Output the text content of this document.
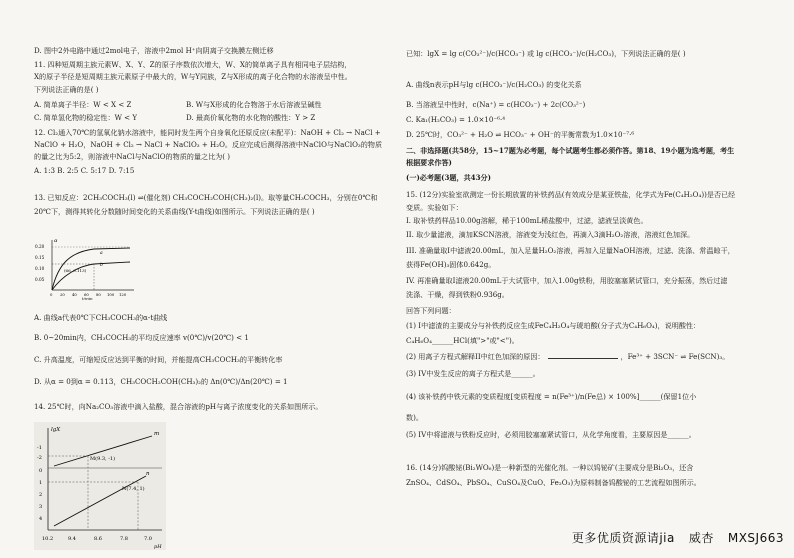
D. 图中2外电路中通过2mol电子，溶液中2mol H⁺向阴离子交换膜左侧迁移
11. 四种短周期主族元素W、X、Y、Z的原子序数依次增大，W、X的简单离子具有相同电子层结构，
X的原子半径是短周期主族元素原子中最大的，W与Y同族，Z与X形成的离子化合物的水溶液呈中性。
下列说法正确的是( )
A. 简单离子半径：W < X < Z	B. W与X形成的化合物溶于水后溶液呈碱性
C. 简单氢化物的稳定性：W < Y	D. 最高价氧化物的水化物的酸性：Y > Z
12. Cl₂通入70℃的氢氧化钠水溶液中，能同时发生两个自身氧化还原反应(未配平)：NaOH + Cl₂ → NaCl +
NaClO + H₂O，NaOH + Cl₂ → NaCl + NaClO₃ + H₂O。反应完成后测得溶液中NaClO与NaClO₃的物质
的量之比为5:2，则溶液中NaCl与NaClO的物质的量之比为( )
A. 1:3 B. 2:5 C. 5:17 D. 7:15
13. 已知反应：2CH₃COCH₃(l) ⇌(催化剂) CH₃COCH₂COH(CH₃)₂(l)。取等量CH₃COCH₃，分别在0℃和
20℃下，测得其转化分数随时间变化的关系曲线(Y-t曲线)如图所示。下列说法正确的是( )
α
0.20
0.15
0.10
0.05
a
b
(66, 0.113)
0 20 40 60 80 100 120
t/min
A. 曲线a代表0℃下CH₃COCH₃的α-t曲线
B. 0~20min内，CH₃COCH₃的平均反应速率 v(0℃)/v(20℃) < 1
C. 升高温度，可缩短反应达到平衡的时间，并能提高CH₃COCH₃的平衡转化率
D. 从α = 0到α = 0.113，CH₃COCH₂COH(CH₃)₂的 Δn(0℃)/Δn(20℃) = 1
14. 25℃时，向Na₂CO₃溶液中滴入盐酸，混合溶液的pH与离子浓度变化的关系如图所示。
lgX
-1
-2
0
1
2
3
4
m
n
M(9.3, -1)
N(7.4, 1)
10.2	9.4	8.6	7.8	7.0
pH
已知：lgX = lg c(CO₃²⁻)/c(HCO₃⁻) 或 lg c(HCO₃⁻)/c(H₂CO₃)，下列说法正确的是( )
A. 曲线n表示pH与lg c(HCO₃⁻)/c(H₂CO₃) 的变化关系
B. 当溶液呈中性时，c(Na⁺) = c(HCO₃⁻) + 2c(CO₃²⁻)
C. Ka₁(H₂CO₃) = 1.0×10⁻⁶·⁴
D. 25℃时，CO₃²⁻ + H₂O ⇌ HCO₃⁻ + OH⁻的平衡常数为1.0×10⁻⁷·⁶
二、非选择题(共58分，15~17题为必考题，每个试题考生都必须作答。第18、19小题为选考题，考生
根据要求作答)
(一)必考题(3题，共43分)
15. (12分)实验室欲测定一份长期放置的补铁药品(有效成分是某亚铁盐，化学式为Fe(C₄H₂O₄))是否已经
变质。实验如下：
I. 取补铁药样品10.00g溶解，稀于100mL稀盐酸中，过滤，滤液呈淡黄色。
II. 取少量滤液，滴加KSCN溶液，溶液变为浅红色，再滴入3滴H₂O₂溶液，溶液红色加深。
III. 准确量取I中滤液20.00mL，加入足量H₂O₂溶液，再加入足量NaOH溶液，过滤、洗涤、常温晾干，
获得Fe(OH)₃固体0.642g。
IV. 再准确量取I滤液20.00mL于大试管中，加入1.00g铁粉，用胶塞塞紧试管口，充分振荡，然后过滤
洗涤、干燥，得到铁粉0.936g。
回答下列问题：
(1) I中滤渣的主要成分与补铁药反应生成FeC₄H₂O₄与琥珀酸(分子式为C₄H₆O₄)，说明酸性：
C₄H₆O₄______HCl(填">"或"<")。
(2) 用离子方程式解释II中红色加深的原因：	，Fe³⁺ + 3SCN⁻ ⇌ Fe(SCN)₃。
(3) IV中发生反应的离子方程式是______。
(4) 该补铁药中铁元素的变质程度[变质程度 = n(Fe³⁺)/n(Fe总) × 100%]______(保留1位小
数)。
(5) IV中将滤液与铁粉反应时，必须用胶塞塞紧试管口，从化学角度看，主要原因是______。
16. (14分)钨酸铋(Bi₂WO₆)是一种新型的光催化剂。一种以钨铋矿(主要成分是Bi₂O₃，还含
ZnSO₄、CdSO₄、PbSO₄、CuSO₄及CuO、Fe₂O₃)为原料制备钨酸铋的工艺流程如图所示。
更多优质资源请jia 威杏 MXSJ663
